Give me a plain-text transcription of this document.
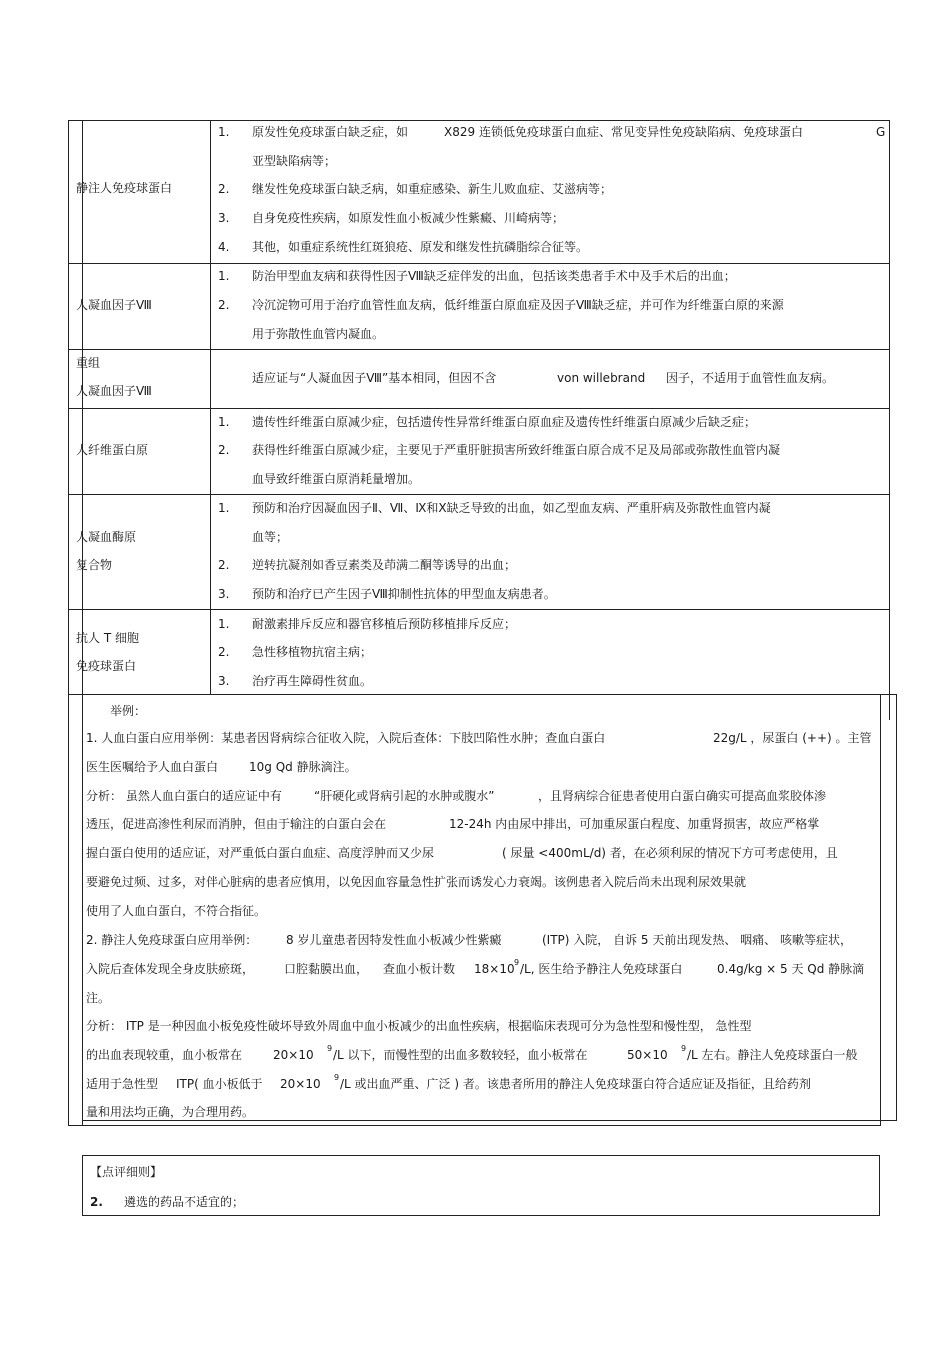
静注人免疫球蛋白
1. 原发性免疫球蛋白缺乏症，如	X829 连锁低免疫球蛋白血症、常见变异性免疫缺陷病、免疫球蛋白	G
亚型缺陷病等；
2. 继发性免疫球蛋白缺乏病，如重症感染、新生儿败血症、艾滋病等；
3. 自身免疫性疾病，如原发性血小板减少性紫癜、川崎病等；
4. 其他，如重症系统性红斑狼疮、原发和继发性抗磷脂综合征等。
人凝血因子Ⅷ
1. 防治甲型血友病和获得性因子Ⅷ缺乏症伴发的出血，包括该类患者手术中及手术后的出血；
2. 冷沉淀物可用于治疗血管性血友病，低纤维蛋白原血症及因子Ⅷ缺乏症，并可作为纤维蛋白原的来源
用于弥散性血管内凝血。
重组
人凝血因子Ⅷ
适应证与“人凝血因子Ⅷ”基本相同，但因不含	von willebrand 因子，不适用于血管性血友病。
人纤维蛋白原
1. 遗传性纤维蛋白原减少症，包括遗传性异常纤维蛋白原血症及遗传性纤维蛋白原减少后缺乏症；
2. 获得性纤维蛋白原减少症，主要见于严重肝脏损害所致纤维蛋白原合成不足及局部或弥散性血管内凝
血导致纤维蛋白原消耗量增加。
人凝血酶原
复合物
1. 预防和治疗因凝血因子Ⅱ、Ⅶ、Ⅸ和Ⅹ缺乏导致的出血，如乙型血友病、严重肝病及弥散性血管内凝
血等；
2. 逆转抗凝剂如香豆素类及茚满二酮等诱导的出血；
3. 预防和治疗已产生因子Ⅷ抑制性抗体的甲型血友病患者。
抗人 T 细胞
免疫球蛋白
1. 耐激素排斥反应和器官移植后预防移植排斥反应；
2. 急性移植物抗宿主病；
3. 治疗再生障碍性贫血。
举例：
1. 人血白蛋白应用举例：某患者因肾病综合征收入院，入院后查体：下肢凹陷性水肿；查血白蛋白	22g/L ，尿蛋白 (++) 。主管
医生医嘱给予人血白蛋白	10g Qd 静脉滴注。
分析： 虽然人血白蛋白的适应证中有	“肝硬化或肾病引起的水肿或腹水”	，且肾病综合征患者使用白蛋白确实可提高血浆胶体渗
透压，促进高渗性利尿而消肿，但由于输注的白蛋白会在	12-24h 内由尿中排出，可加重尿蛋白程度、加重肾损害，故应严格掌
握白蛋白使用的适应证，对严重低白蛋白血症、高度浮肿而又少尿	( 尿量 <400mL/d) 者，在必须利尿的情况下方可考虑使用，且
要避免过频、过多，对伴心脏病的患者应慎用，以免因血容量急性扩张而诱发心力衰竭。该例患者入院后尚未出现利尿效果就
使用了人血白蛋白，不符合指征。
2. 静注人免疫球蛋白应用举例： 8 岁儿童患者因特发性血小板减少性紫癜	(ITP) 入院， 自诉 5 天前出现发热、 咽痛、 咳嗽等症状，
入院后查体发现全身皮肤瘀斑， 口腔黏膜出血， 查血小板计数 18×10 9 /L, 医生给予静注人免疫球蛋白	0.4g/kg × 5 天 Qd 静脉滴
注。
分析： ITP 是一种因血小板免疫性破坏导致外周血中血小板减少的出血性疾病，根据临床表现可分为急性型和慢性型， 急性型
的出血表现较重，血小板常在	20×10 9 /L 以下，而慢性型的出血多数较轻，血小板常在	50×10 9 /L 左右。静注人免疫球蛋白一般
适用于急性型 ITP( 血小板低于 20×10 9 /L 或出血严重、广泛 ) 者。该患者所用的静注人免疫球蛋白符合适应证及指征，且给药剂
量和用法均正确，为合理用药。
【点评细则】
2. 遴选的药品不适宜的；
